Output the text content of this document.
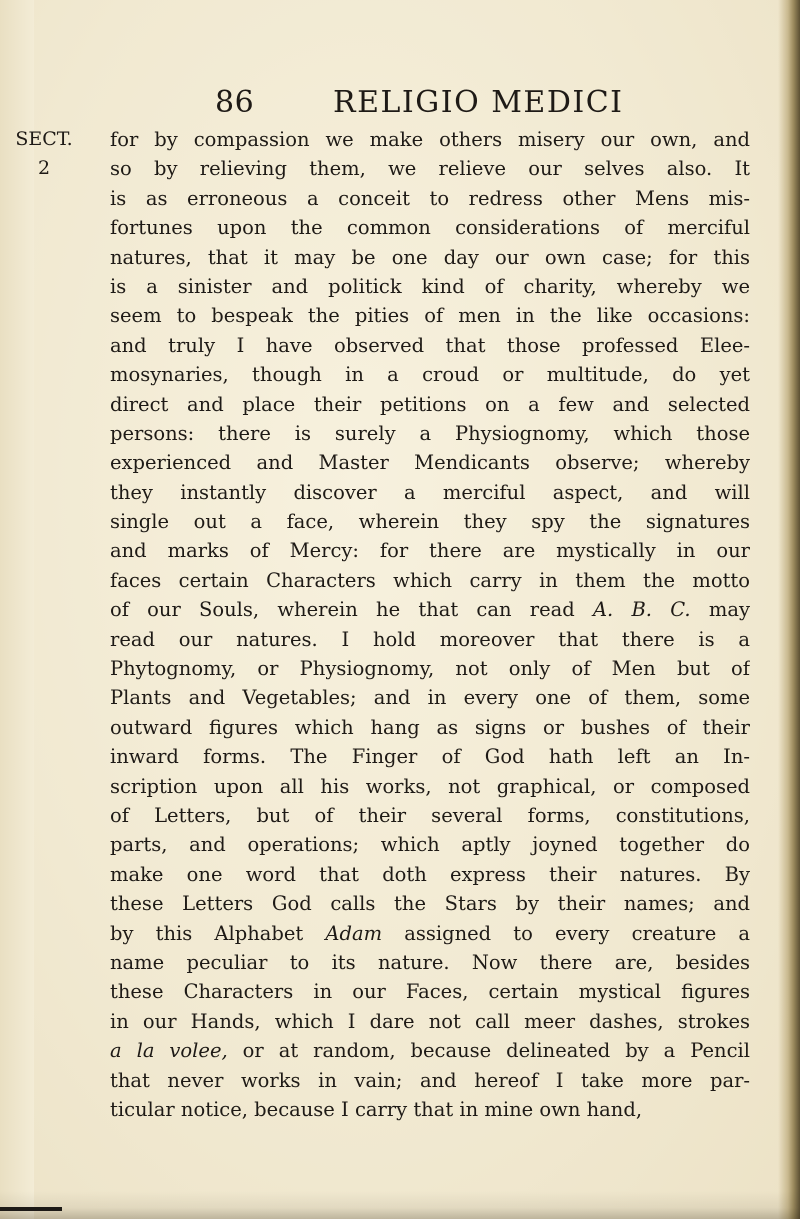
86	RELIGIO MEDICI
SECT.
2
for by compassion we make others misery our own, and
so by relieving them, we relieve our selves also. It
is as erroneous a conceit to redress other Mens mis-
fortunes upon the common considerations of merciful
natures, that it may be one day our own case; for this
is a sinister and politick kind of charity, whereby we
seem to bespeak the pities of men in the like occasions:
and truly I have observed that those professed Elee-
mosynaries, though in a croud or multitude, do yet
direct and place their petitions on a few and selected
persons: there is surely a Physiognomy, which those
experienced and Master Mendicants observe; whereby
they instantly discover a merciful aspect, and will
single out a face, wherein they spy the signatures
and marks of Mercy: for there are mystically in our
faces certain Characters which carry in them the motto
of our Souls, wherein he that can read A. B. C. may
read our natures. I hold moreover that there is a
Phytognomy, or Physiognomy, not only of Men but of
Plants and Vegetables; and in every one of them, some
outward figures which hang as signs or bushes of their
inward forms. The Finger of God hath left an In-
scription upon all his works, not graphical, or composed
of Letters, but of their several forms, constitutions,
parts, and operations; which aptly joyned together do
make one word that doth express their natures. By
these Letters God calls the Stars by their names; and
by this Alphabet Adam assigned to every creature a
name peculiar to its nature. Now there are, besides
these Characters in our Faces, certain mystical figures
in our Hands, which I dare not call meer dashes, strokes
a la volee, or at random, because delineated by a Pencil
that never works in vain; and hereof I take more par-
ticular notice, because I carry that in mine own hand,
